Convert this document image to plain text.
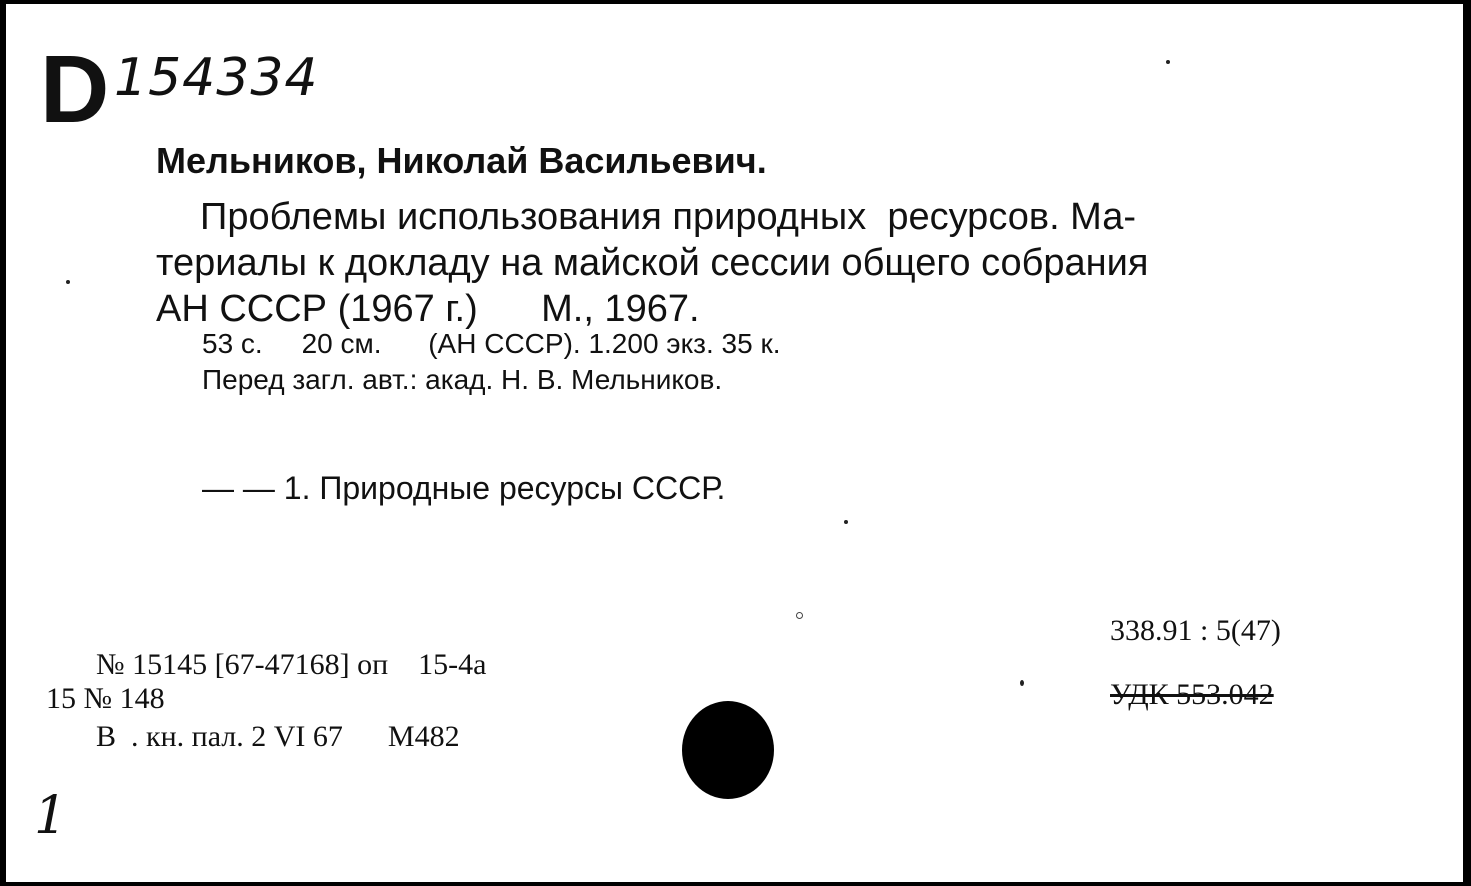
D 154334
Мельников, Николай Васильевич.
Проблемы использования природных  ресурсов. Ма-
териалы к докладу на майской сессии общего собрания
АН СССР (1967 г.)      М., 1967.
53 с.     20 см.      (АН СССР). 1.200 экз. 35 к.
Перед загл. авт.: акад. Н. В. Мельников.
— — 1. Природные ресурсы СССР.
№ 15145 [67-47168] оп    15-4а
15 № 148
В  . кн. пал. 2 VI 67      М482
338.91 : 5(47)
УДК 553.042
1
